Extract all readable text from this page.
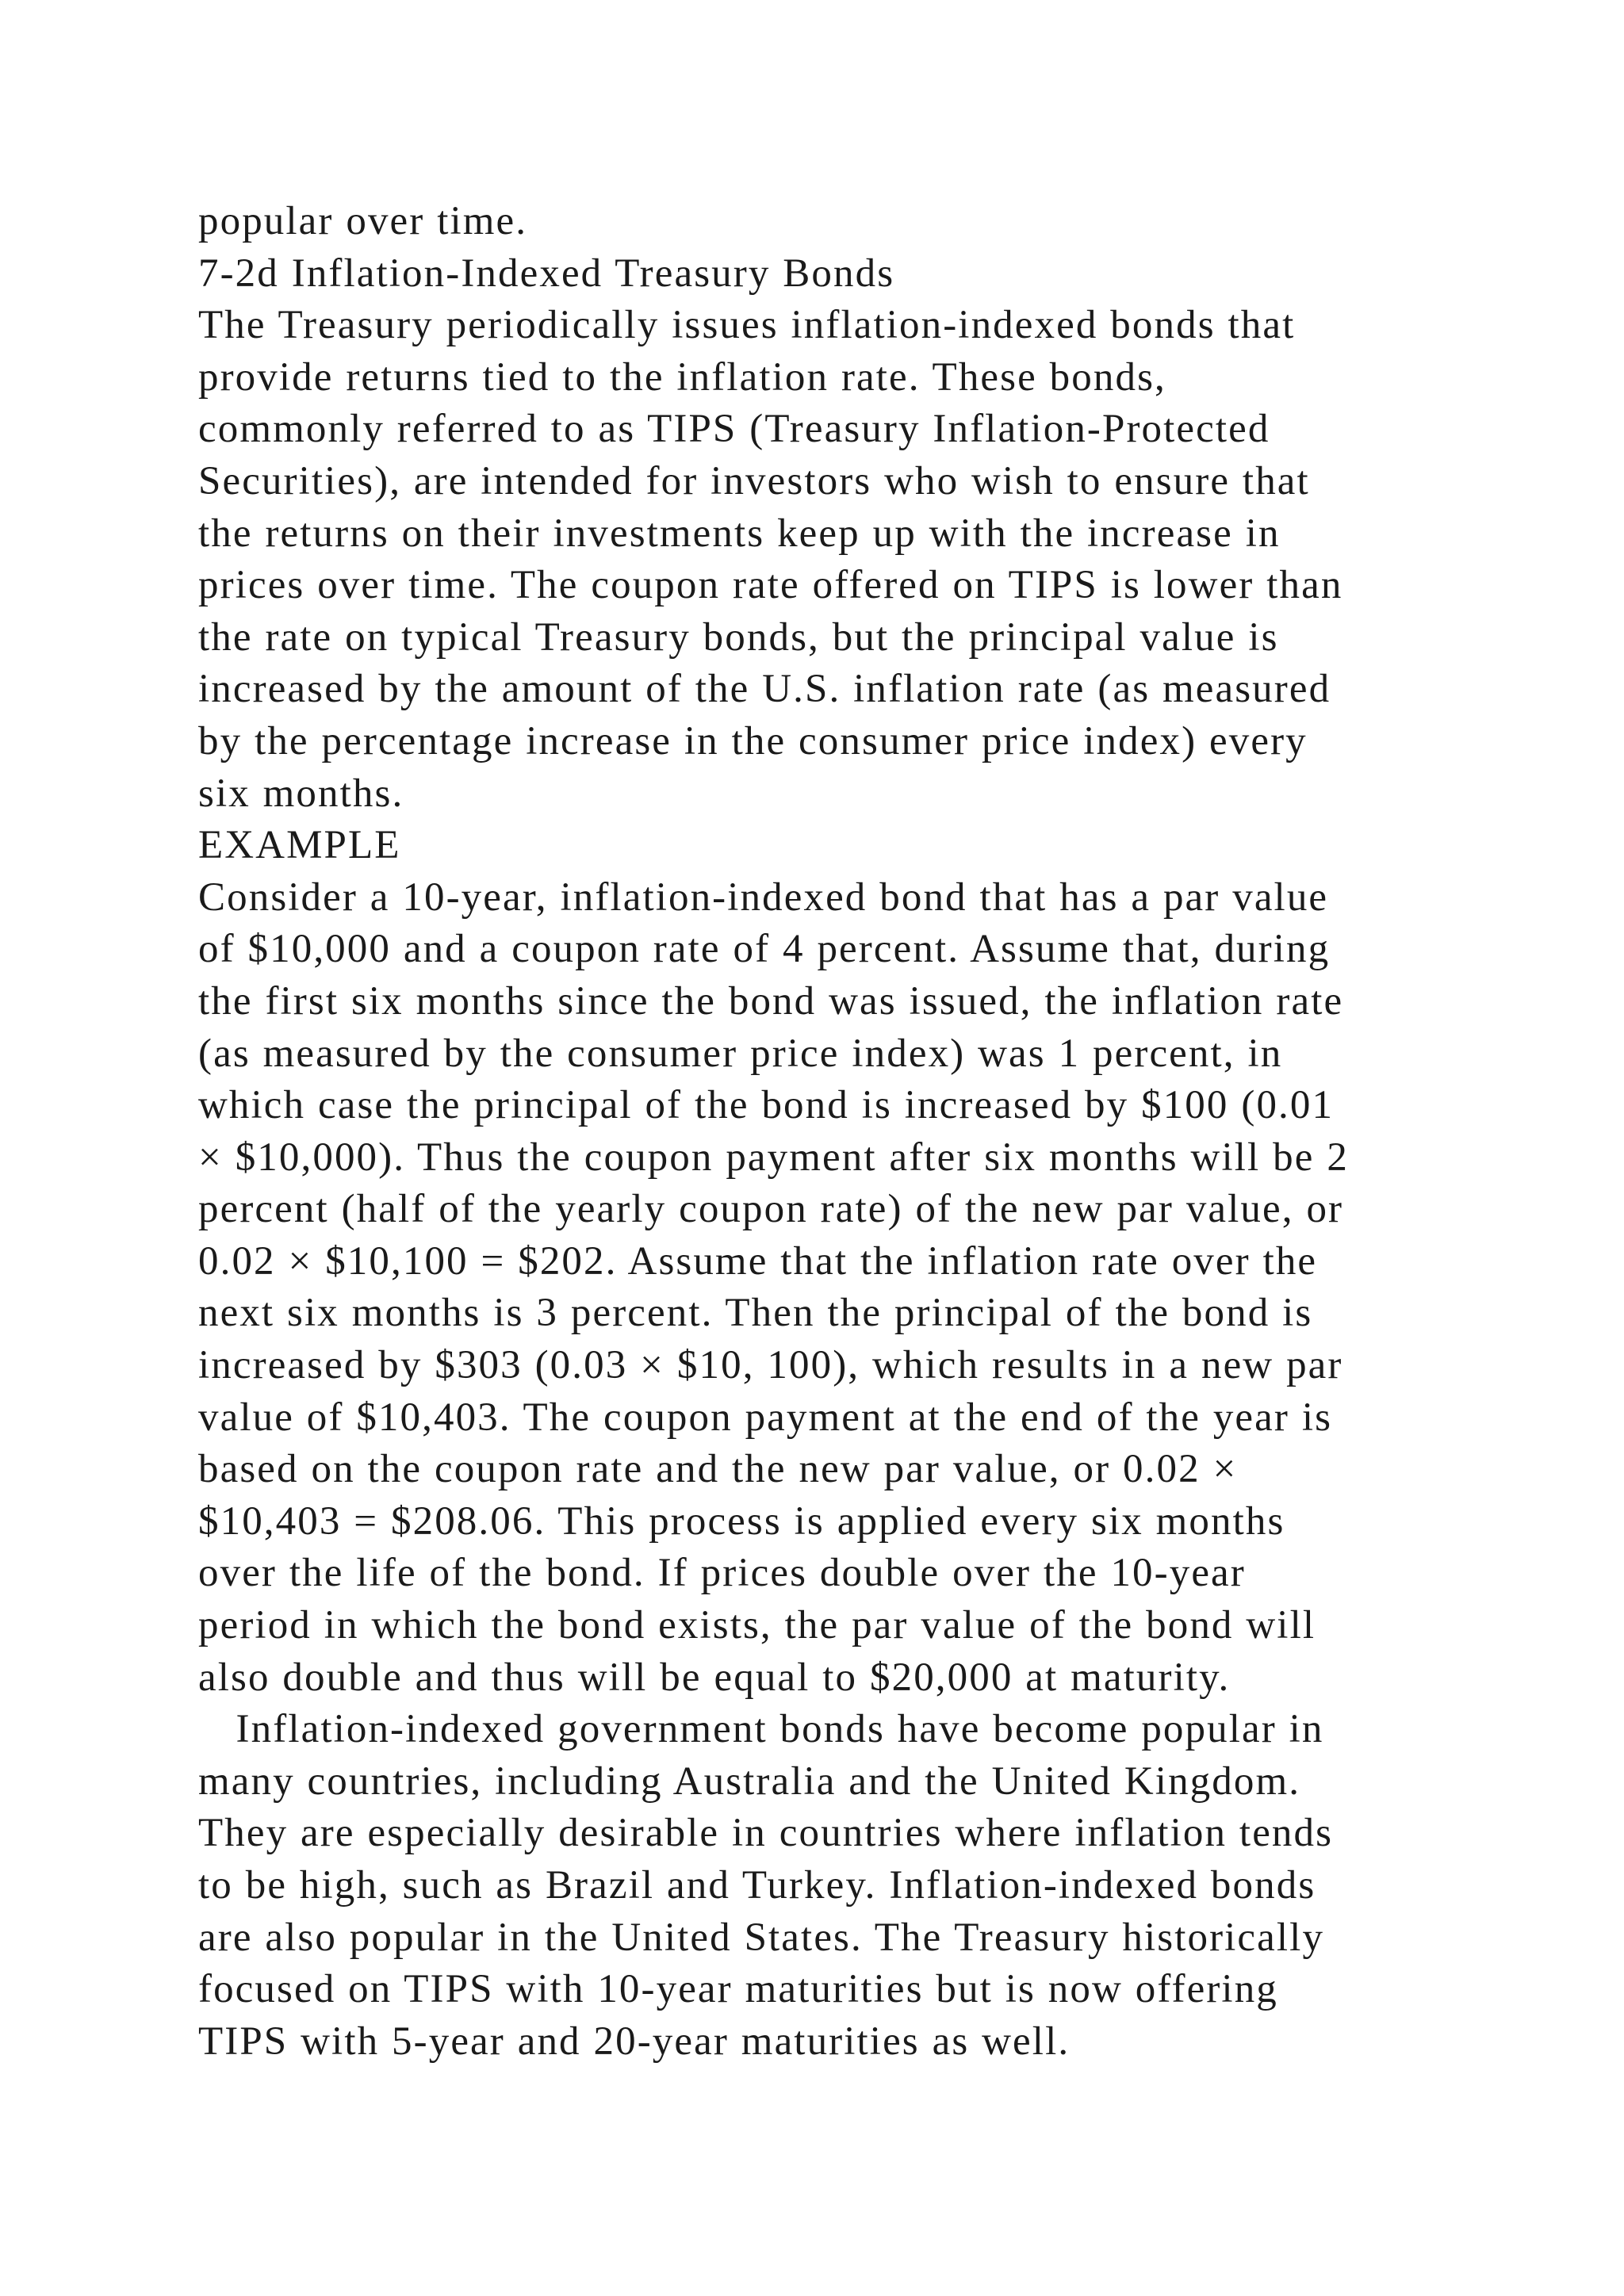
popular over time.
7-2d Inflation-Indexed Treasury Bonds
The Treasury periodically issues inflation-indexed bonds that
provide returns tied to the inflation rate. These bonds,
commonly referred to as TIPS (Treasury Inflation-Protected
Securities), are intended for investors who wish to ensure that
the returns on their investments keep up with the increase in
prices over time. The coupon rate offered on TIPS is lower than
the rate on typical Treasury bonds, but the principal value is
increased by the amount of the U.S. inflation rate (as measured
by the percentage increase in the consumer price index) every
six months.
EXAMPLE
Consider a 10-year, inflation-indexed bond that has a par value
of $10,000 and a coupon rate of 4 percent. Assume that, during
the first six months since the bond was issued, the inflation rate
(as measured by the consumer price index) was 1 percent, in
which case the principal of the bond is increased by $100 (0.01
× $10,000). Thus the coupon payment after six months will be 2
percent (half of the yearly coupon rate) of the new par value, or
0.02 × $10,100 = $202. Assume that the inflation rate over the
next six months is 3 percent. Then the principal of the bond is
increased by $303 (0.03 × $10, 100), which results in a new par
value of $10,403. The coupon payment at the end of the year is
based on the coupon rate and the new par value, or 0.02 ×
$10,403 = $208.06. This process is applied every six months
over the life of the bond. If prices double over the 10-year
period in which the bond exists, the par value of the bond will
also double and thus will be equal to $20,000 at maturity.
Inflation-indexed government bonds have become popular in
many countries, including Australia and the United Kingdom.
They are especially desirable in countries where inflation tends
to be high, such as Brazil and Turkey. Inflation-indexed bonds
are also popular in the United States. The Treasury historically
focused on TIPS with 10-year maturities but is now offering
TIPS with 5-year and 20-year maturities as well.
